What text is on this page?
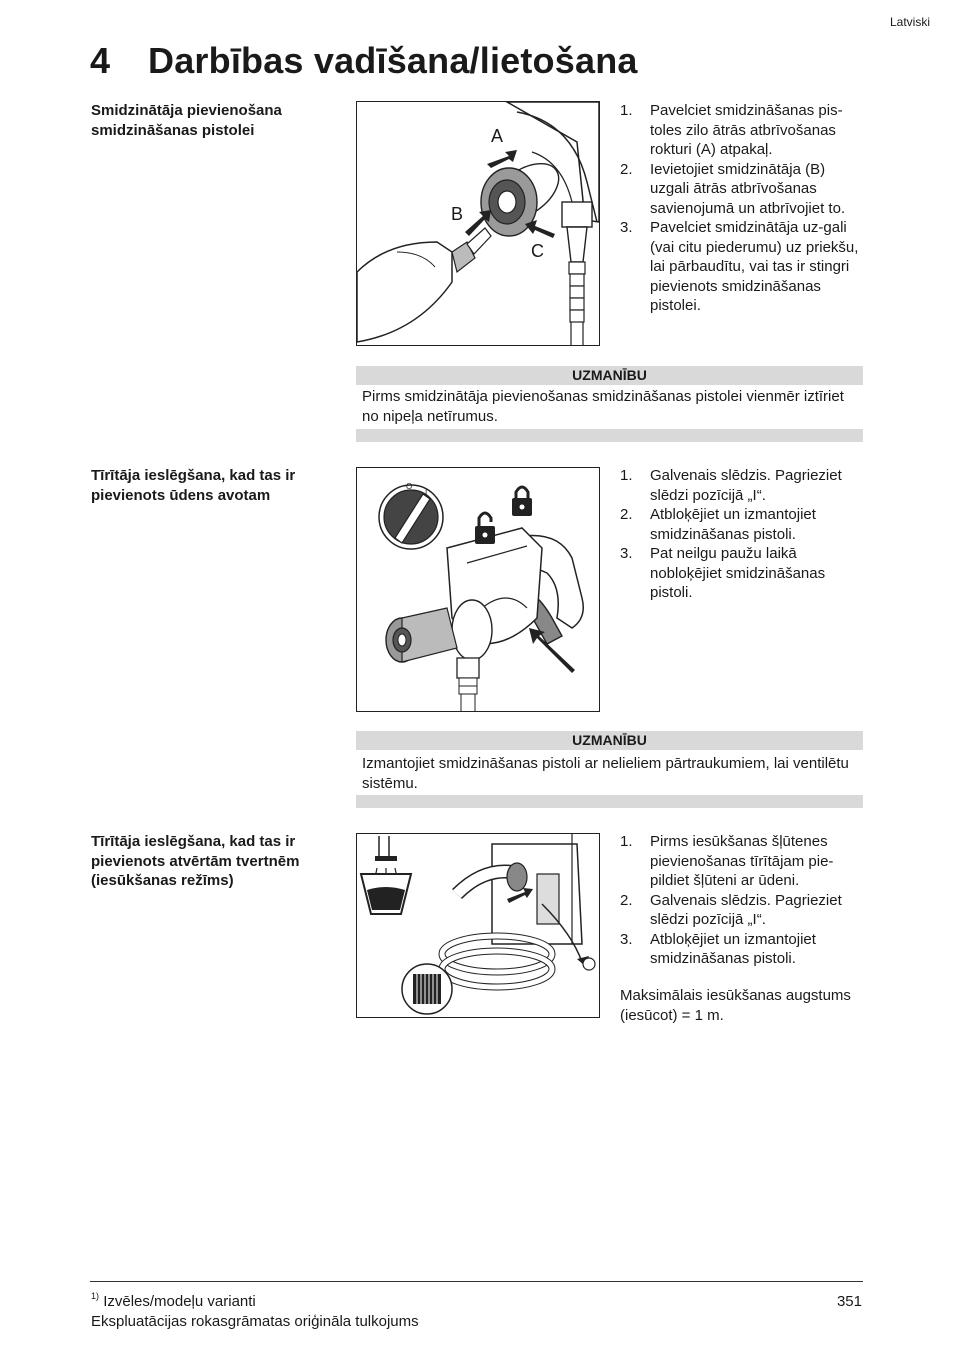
Latviski
4 Darbības vadīšana/lietošana
Smidzinātāja pievienošana smidzināšanas pistolei	A
B
C
1. Pavelciet smidzināšanas pis-toles zilo ātrās atbrīvošanas rokturi (A) atpakaļ.
2. Ievietojiet smidzinātāja (B) uzgali ātrās atbrīvošanas savienojumā un atbrīvojiet to.
3. Pavelciet smidzinātāja uz-gali (vai citu piederumu) uz priekšu, lai pārbaudītu, vai tas ir stingri pievienots smidzināšanas pistolei.
UZMANĪBU
Pirms smidzinātāja pievienošanas smidzināšanas pistolei vienmēr iztīriet no nipeļa netīrumus.
Tīrītāja ieslēgšana, kad tas ir pievienots ūdens avotam	O
I
1. Galvenais slēdzis. Pagrieziet slēdzi pozīcijā „I“.
2. Atbloķējiet un izmantojiet smidzināšanas pistoli.
3. Pat neilgu paužu laikā nobloķējiet smidzināšanas pistoli.
UZMANĪBU
Izmantojiet smidzināšanas pistoli ar nelieliem pārtraukumiem, lai ventilētu sistēmu.
Tīrītāja ieslēgšana, kad tas ir pievienots atvērtām tvertnēm (iesūkšanas režīms)
1. Pirms iesūkšanas šļūtenes pievienošanas tīrītājam pie-pildiet šļūteni ar ūdeni.
2. Galvenais slēdzis. Pagrieziet slēdzi pozīcijā „I“.
3. Atbloķējiet un izmantojiet smidzināšanas pistoli.
Maksimālais iesūkšanas augstums (iesūcot) = 1 m.
$^{1)}$ Izvēles/modeļu varianti
Ekspluatācijas rokasgrāmatas oriģināla tulkojums
351
